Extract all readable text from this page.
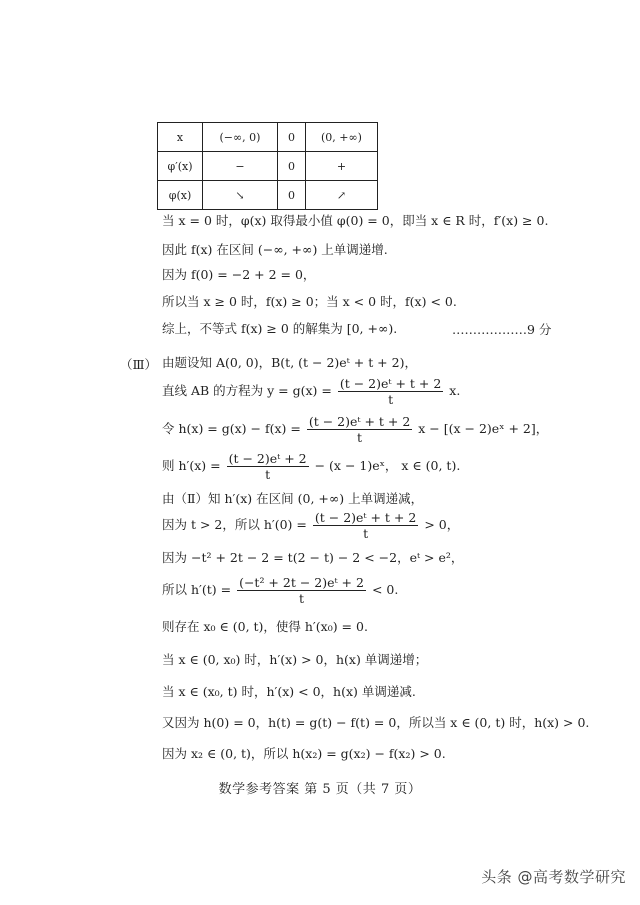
x	(−∞, 0)	0	(0, +∞)
φ′(x)	−	0	+
φ(x)	↘	0	↗
当 x = 0 时，φ(x) 取得最小值 φ(0) = 0，即当 x ∈ R 时，f′(x) ≥ 0.
因此 f(x) 在区间 (−∞, +∞) 上单调递增.
因为 f(0) = −2 + 2 = 0，
所以当 x ≥ 0 时，f(x) ≥ 0；当 x < 0 时，f(x) < 0.
综上，不等式 f(x) ≥ 0 的解集为 [0, +∞).	………………9 分
（Ⅲ） 由题设知 A(0, 0)，B(t, (t − 2)eᵗ + t + 2)，
直线 AB 的方程为 $y = g(x) = \frac{\text{(t − 2)eᵗ + t + 2}}{t} x$.
令 $h(x) = g(x) - f(x) = \frac{\text{(t − 2)eᵗ + t + 2}}{t}$ x − [(x − 2)eˣ + 2]，
则 $h'(x) = \frac{\text{(t − 2)eᵗ + 2}}{t} - (x$ − 1)eˣ， x ∈ (0, t).
由（Ⅱ）知 h′(x) 在区间 (0, +∞) 上单调递减，
因为 t > 2，所以 $h'(0) = \frac{\text{(t − 2)eᵗ + t + 2}}{t} > 0$，
因为 −t² + 2t − 2 = t(2 − t) − 2 < −2，eᵗ > e²，
所以 $h'(t) = \frac{\text{(−t² + 2t − 2)eᵗ + 2}}{t} < 0$.
则存在 x₀ ∈ (0, t)，使得 h′(x₀) = 0.
当 x ∈ (0, x₀) 时，h′(x) > 0，h(x) 单调递增；
当 x ∈ (x₀, t) 时，h′(x) < 0，h(x) 单调递减.
又因为 h(0) = 0，h(t) = g(t) − f(t) = 0，所以当 x ∈ (0, t) 时，h(x) > 0.
因为 x₂ ∈ (0, t)，所以 h(x₂) = g(x₂) − f(x₂) > 0.
数学参考答案 第 5 页（共 7 页）
头条 @高考数学研究
